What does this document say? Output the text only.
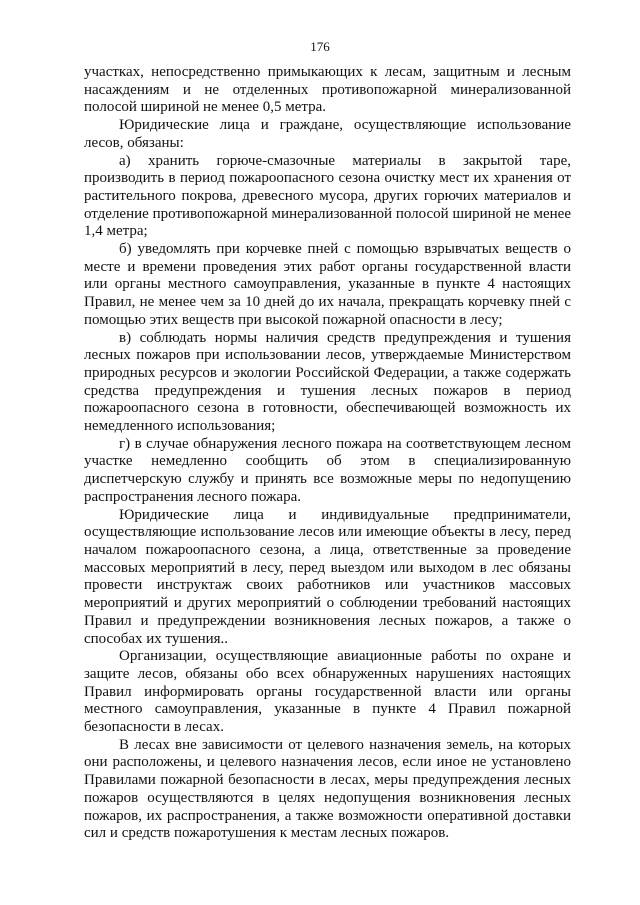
176

участках, непосредственно примыкающих к лесам, защитным и лесным насаждениям и не отделенных противопожарной минерализованной полосой шириной не менее 0,5 метра.

Юридические лица и граждане, осуществляющие использование лесов, обязаны:

а) хранить горюче-смазочные материалы в закрытой таре, производить в период пожароопасного сезона очистку мест их хранения от растительного покрова, древесного мусора, других горючих материалов и отделение противопожарной минерализованной полосой шириной не менее 1,4 метра;

б) уведомлять при корчевке пней с помощью взрывчатых веществ о месте и времени проведения этих работ органы государственной власти или органы местного самоуправления, указанные в пункте 4 настоящих Правил, не менее чем за 10 дней до их начала, прекращать корчевку пней с помощью этих веществ при высокой пожарной опасности в лесу;

в) соблюдать нормы наличия средств предупреждения и тушения лесных пожаров при использовании лесов, утверждаемые Министерством природных ресурсов и экологии Российской Федерации, а также содержать средства предупреждения и тушения лесных пожаров в период пожароопасного сезона в готовности, обеспечивающей возможность их немедленного использования;

г) в случае обнаружения лесного пожара на соответствующем лесном участке немедленно сообщить об этом в специализированную диспетчерскую службу и принять все возможные меры по недопущению распространения лесного пожара.

Юридические лица и индивидуальные предприниматели, осуществляющие использование лесов или имеющие объекты в лесу, перед началом пожароопасного сезона, а лица, ответственные за проведение массовых мероприятий в лесу, перед выездом или выходом в лес обязаны провести инструктаж своих работников или участников массовых мероприятий и других мероприятий о соблюдении требований настоящих Правил и предупреждении возникновения лесных пожаров, а также о способах их тушения..

Организации, осуществляющие авиационные работы по охране и защите лесов, обязаны обо всех обнаруженных нарушениях настоящих Правил информировать органы государственной власти или органы местного самоуправления, указанные в пункте 4 Правил пожарной безопасности в лесах.

В лесах вне зависимости от целевого назначения земель, на которых они расположены, и целевого назначения лесов, если иное не установлено Правилами пожарной безопасности в лесах, меры предупреждения лесных пожаров осуществляются в целях недопущения возникновения лесных пожаров, их распространения, а также возможности оперативной доставки сил и средств пожаротушения к местам лесных пожаров.
